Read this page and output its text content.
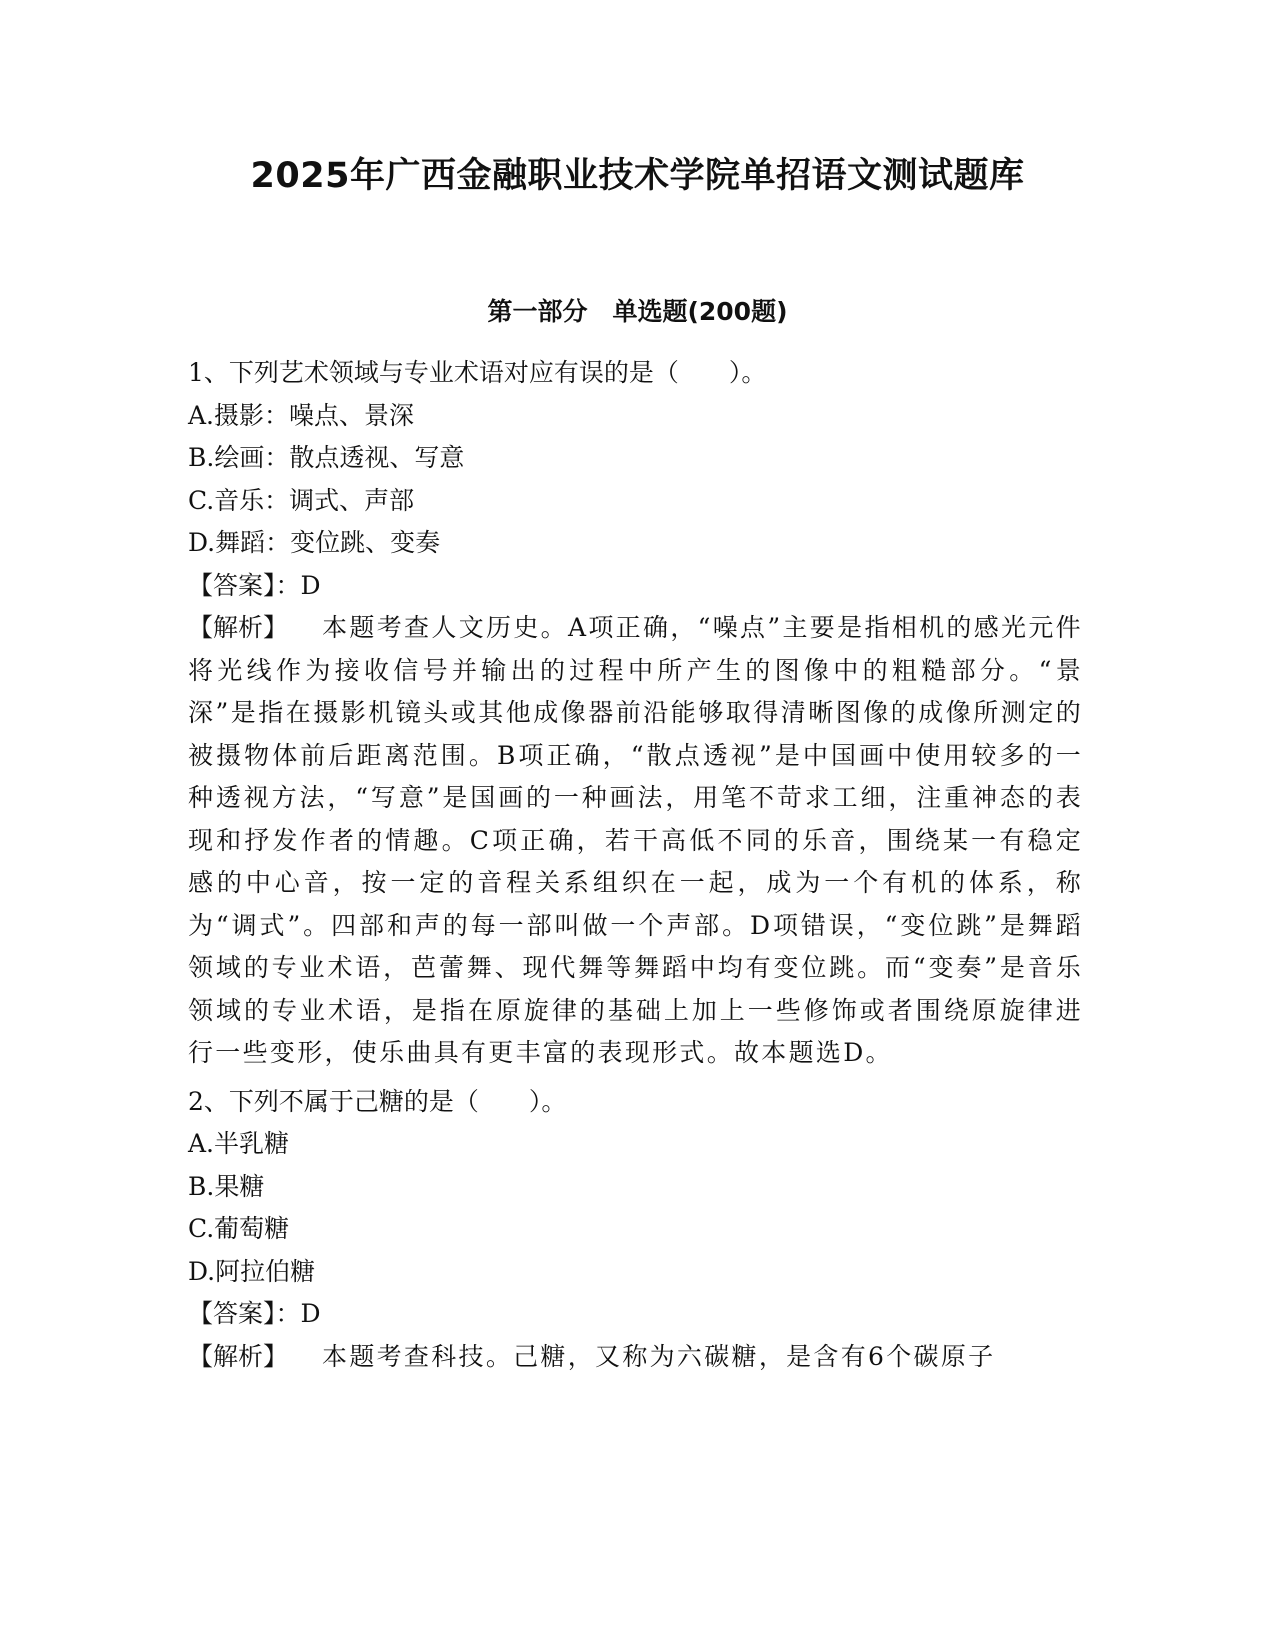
2025年广西金融职业技术学院单招语文测试题库
第一部分　单选题(200题)

1、下列艺术领域与专业术语对应有误的是（　　）。

A.摄影：噪点、景深

B.绘画：散点透视、写意

C.音乐：调式、声部

D.舞蹈：变位跳、变奏

【答案】：D

【解析】 本题考查人文历史。A项正确，“噪点”主要是指相机的感光元件将光线作为接收信号并输出的过程中所产生的图像中的粗糙部分。“景深”是指在摄影机镜头或其他成像器前沿能够取得清晰图像的成像所测定的被摄物体前后距离范围。B项正确，“散点透视”是中国画中使用较多的一种透视方法，“写意”是国画的一种画法，用笔不苛求工细，注重神态的表现和抒发作者的情趣。C项正确，若干高低不同的乐音，围绕某一有稳定感的中心音，按一定的音程关系组织在一起，成为一个有机的体系，称为“调式”。四部和声的每一部叫做一个声部。D项错误，“变位跳”是舞蹈领域的专业术语，芭蕾舞、现代舞等舞蹈中均有变位跳。而“变奏”是音乐领域的专业术语，是指在原旋律的基础上加上一些修饰或者围绕原旋律进行一些变形，使乐曲具有更丰富的表现形式。故本题选D。

2、下列不属于己糖的是（　　）。

A.半乳糖

B.果糖

C.葡萄糖

D.阿拉伯糖

【答案】：D

【解析】 本题考查科技。己糖，又称为六碳糖，是含有6个碳原子
